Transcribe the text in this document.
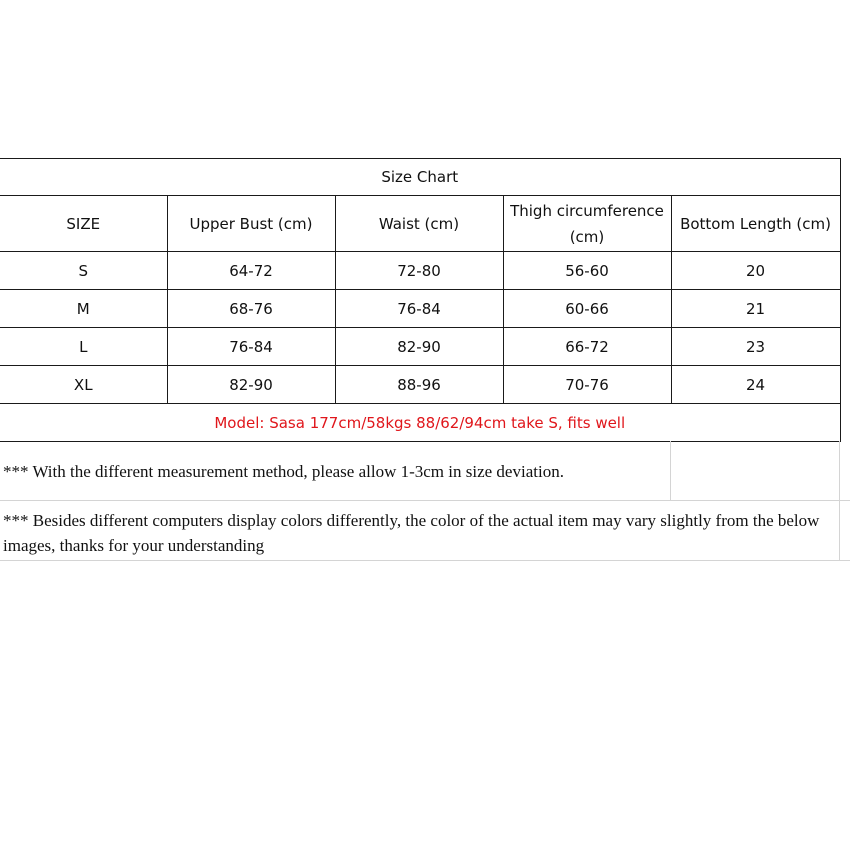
Size Chart				
SIZE	Upper Bust (cm)	Waist (cm)	Thigh circumference (cm)	Bottom Length (cm)
S	64-72	72-80	56-60	20
M	68-76	76-84	60-66	21
L	76-84	82-90	66-72	23
XL	82-90	88-96	70-76	24
Model: Sasa 177cm/58kgs 88/62/94cm take S, fits well				
*** With the different measurement method, please allow 1-3cm in size deviation.
*** Besides different computers display colors differently, the color of the actual item may vary slightly from the below images, thanks for your understanding
